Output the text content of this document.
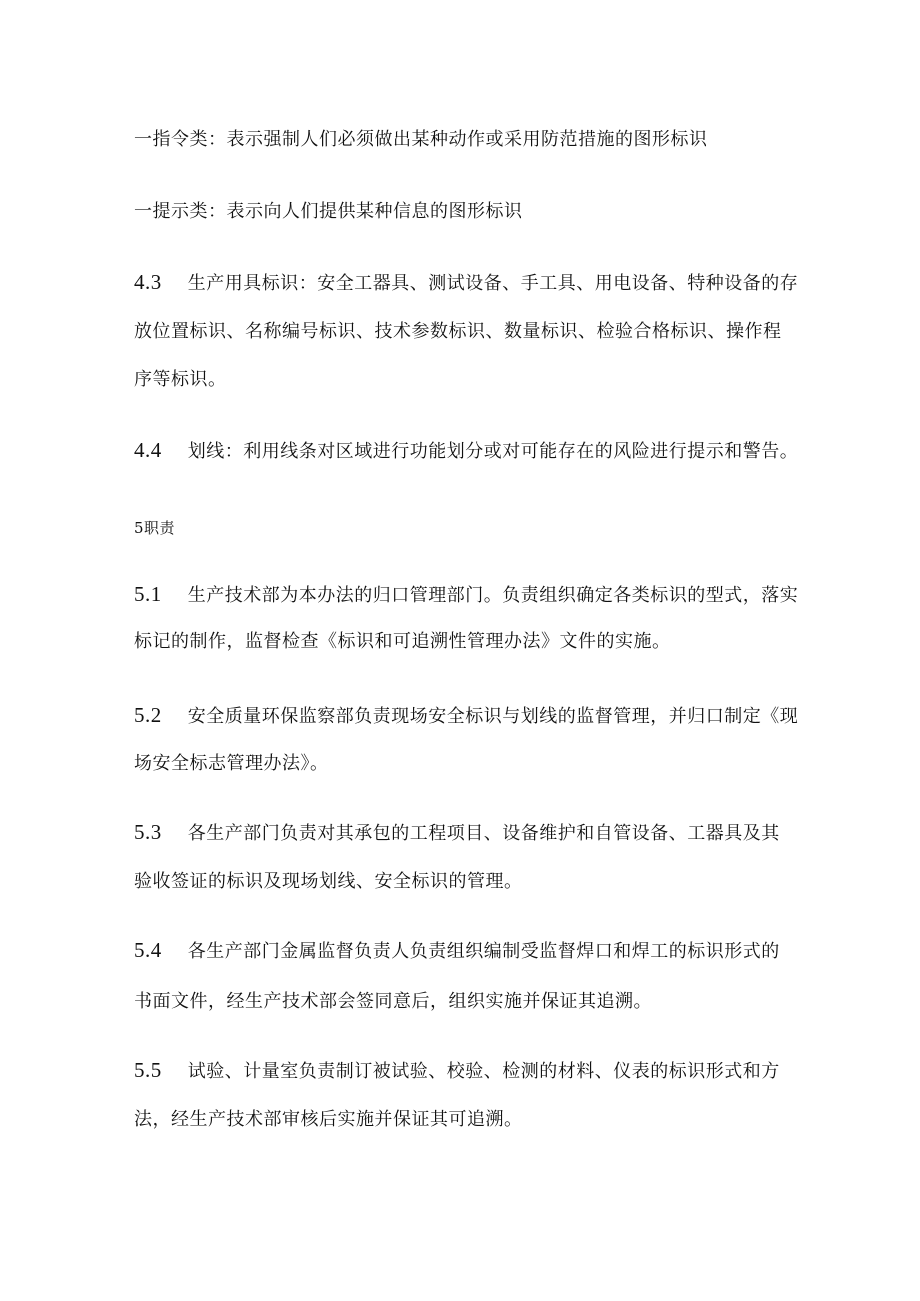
一指令类：表示强制人们必须做出某种动作或采用防范措施的图形标识
一提示类：表示向人们提供某种信息的图形标识
4.3 生产用具标识：安全工器具、测试设备、手工具、用电设备、特种设备的存
放位置标识、名称编号标识、技术参数标识、数量标识、检验合格标识、操作程
序等标识。
4.4 划线：利用线条对区域进行功能划分或对可能存在的风险进行提示和警告。
5职责
5.1 生产技术部为本办法的归口管理部门。负责组织确定各类标识的型式，落实
标记的制作，监督检查《标识和可追溯性管理办法》文件的实施。
5.2 安全质量环保监察部负责现场安全标识与划线的监督管理，并归口制定《现
场安全标志管理办法》。
5.3 各生产部门负责对其承包的工程项目、设备维护和自管设备、工器具及其
验收签证的标识及现场划线、安全标识的管理。
5.4 各生产部门金属监督负责人负责组织编制受监督焊口和焊工的标识形式的
书面文件，经生产技术部会签同意后，组织实施并保证其追溯。
5.5 试验、计量室负责制订被试验、校验、检测的材料、仪表的标识形式和方
法，经生产技术部审核后实施并保证其可追溯。
